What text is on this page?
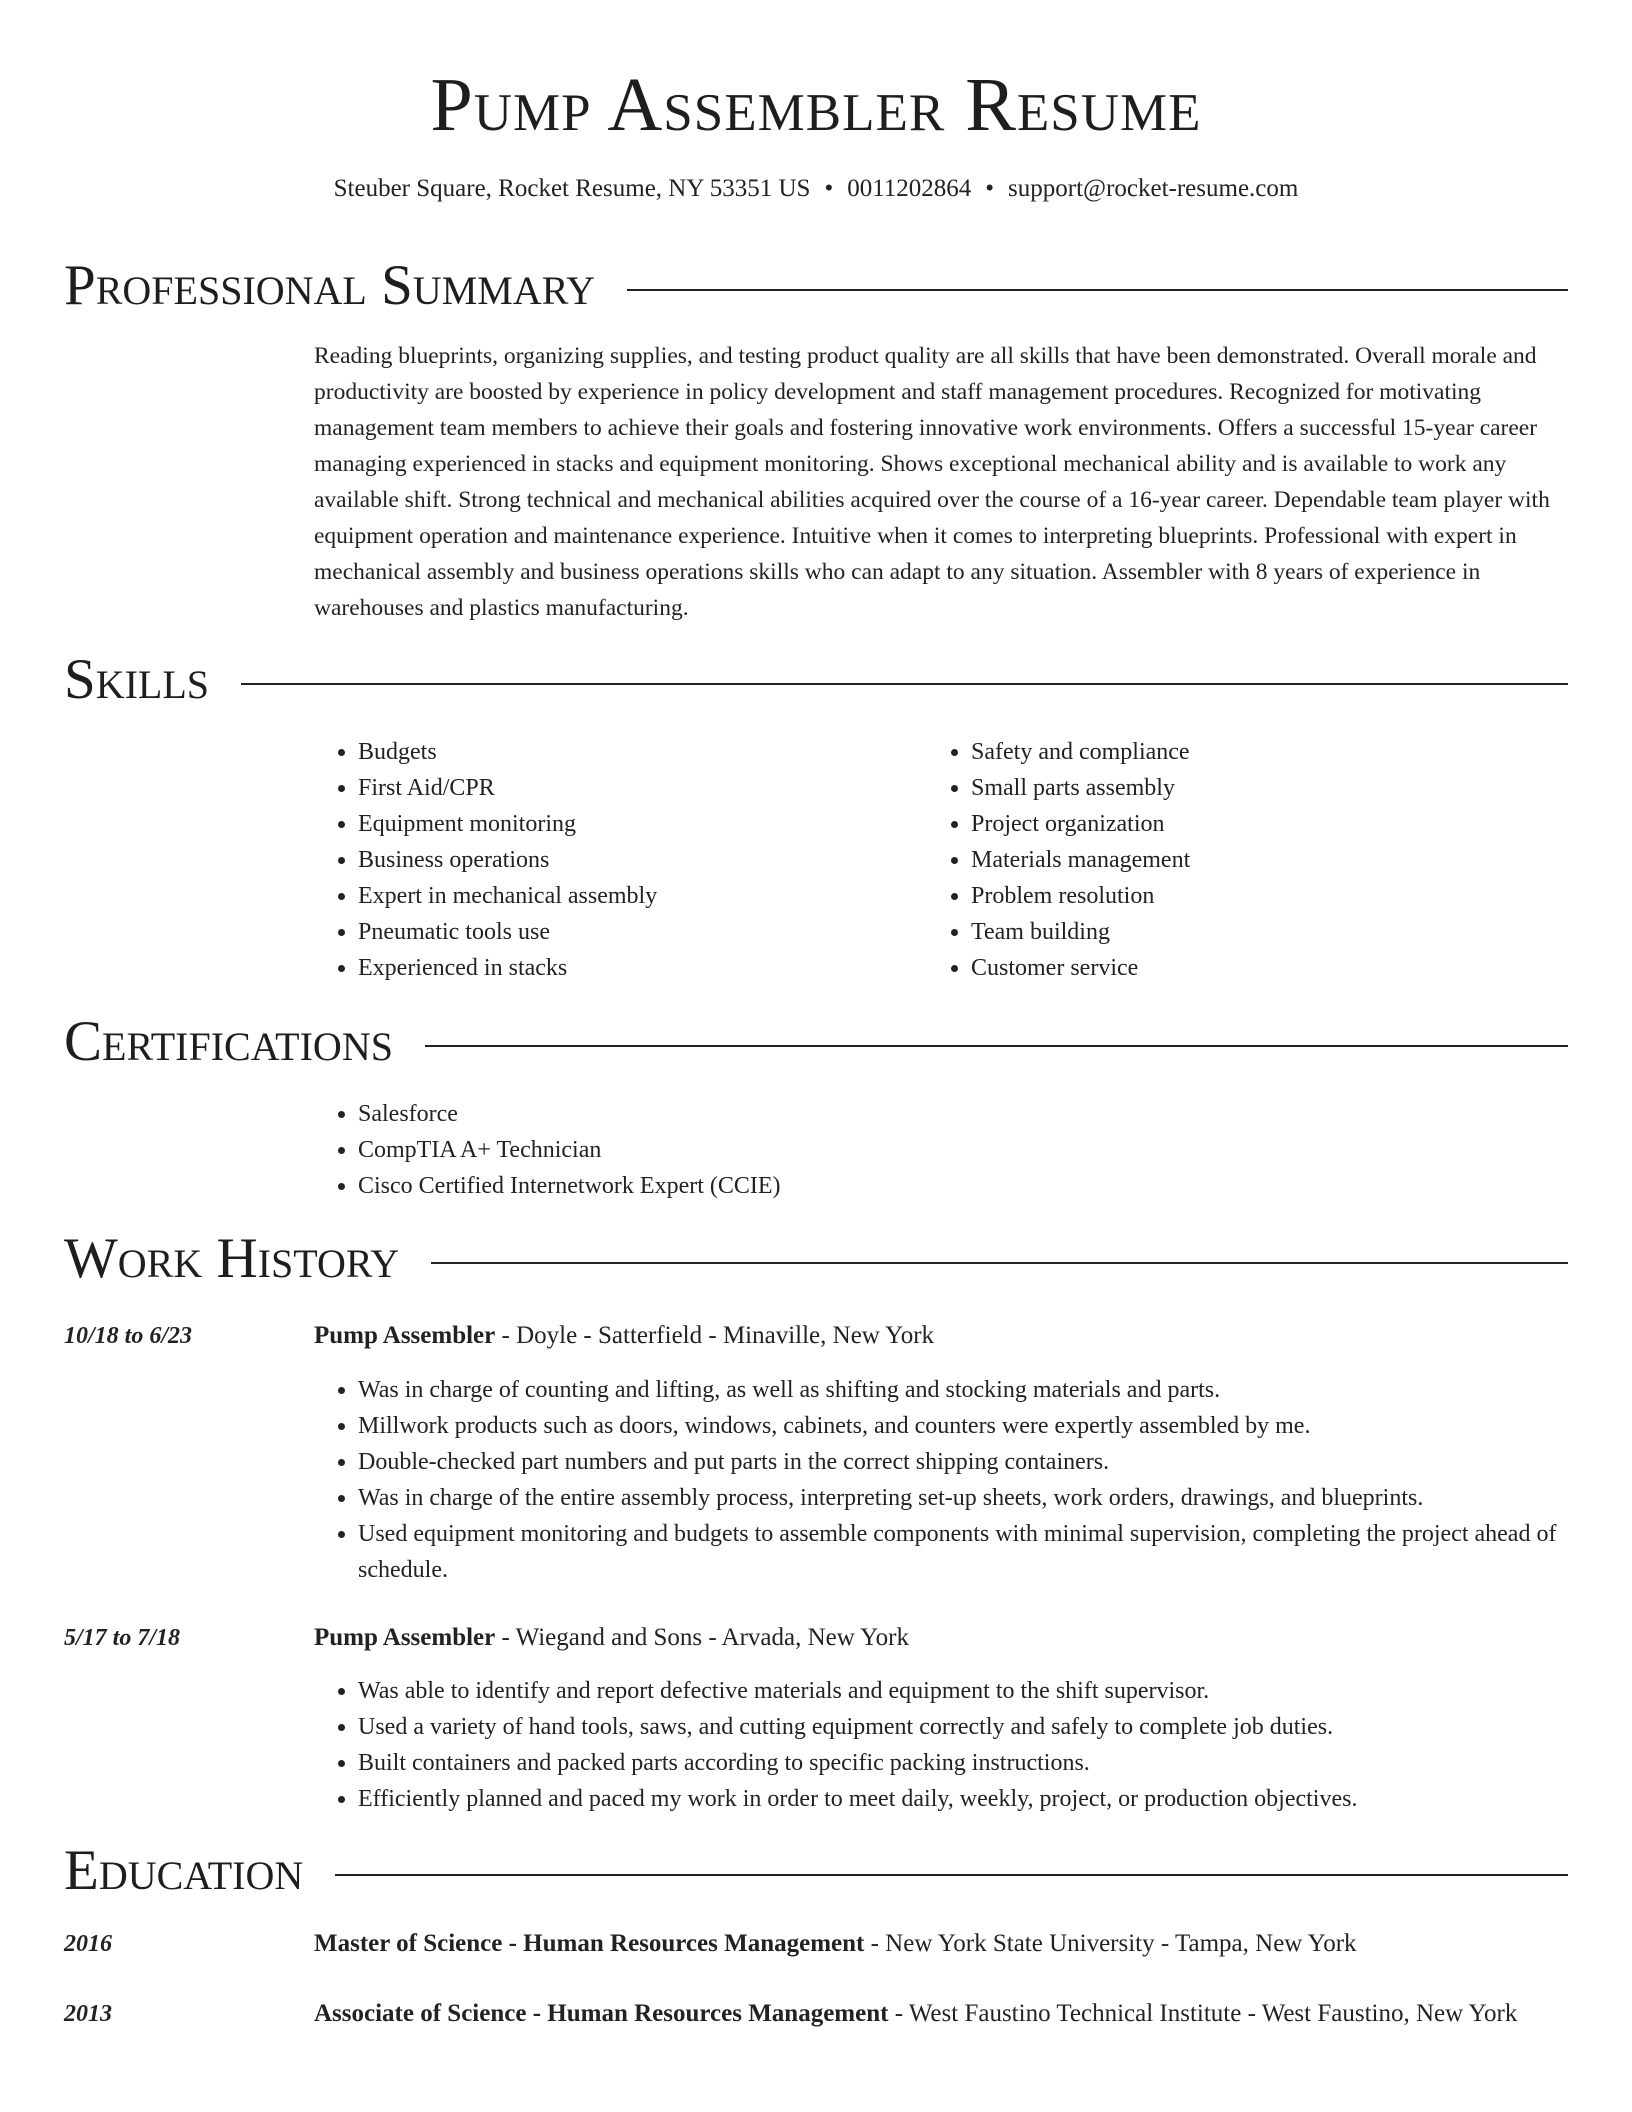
Pump Assembler Resume
Steuber Square, Rocket Resume, NY 53351 US • 0011202864 • support@rocket-resume.com
Professional Summary

Reading blueprints, organizing supplies, and testing product quality are all skills that have been demonstrated. Overall morale and productivity are boosted by experience in policy development and staff management procedures. Recognized for motivating management team members to achieve their goals and fostering innovative work environments. Offers a successful 15-year career managing experienced in stacks and equipment monitoring. Shows exceptional mechanical ability and is available to work any available shift. Strong technical and mechanical abilities acquired over the course of a 16-year career. Dependable team player with equipment operation and maintenance experience. Intuitive when it comes to interpreting blueprints. Professional with expert in mechanical assembly and business operations skills who can adapt to any situation. Assembler with 8 years of experience in warehouses and plastics manufacturing.

Skills
• Budgets
• First Aid/CPR
• Equipment monitoring
• Business operations
• Expert in mechanical assembly
• Pneumatic tools use
• Experienced in stacks
• Safety and compliance
• Small parts assembly
• Project organization
• Materials management
• Problem resolution
• Team building
• Customer service
Certifications
• Salesforce
• CompTIA A+ Technician
• Cisco Certified Internetwork Expert (CCIE)
Work History
10/18 to 6/23	Pump Assembler - Doyle - Satterfield - Minaville, New York
• Was in charge of counting and lifting, as well as shifting and stocking materials and parts.
• Millwork products such as doors, windows, cabinets, and counters were expertly assembled by me.
• Double-checked part numbers and put parts in the correct shipping containers.
• Was in charge of the entire assembly process, interpreting set-up sheets, work orders, drawings, and blueprints.
• Used equipment monitoring and budgets to assemble components with minimal supervision, completing the project ahead of schedule.
5/17 to 7/18	Pump Assembler - Wiegand and Sons - Arvada, New York
• Was able to identify and report defective materials and equipment to the shift supervisor.
• Used a variety of hand tools, saws, and cutting equipment correctly and safely to complete job duties.
• Built containers and packed parts according to specific packing instructions.
• Efficiently planned and paced my work in order to meet daily, weekly, project, or production objectives.
Education
2016	Master of Science - Human Resources Management - New York State University - Tampa, New York
2013	Associate of Science - Human Resources Management - West Faustino Technical Institute - West Faustino, New York
